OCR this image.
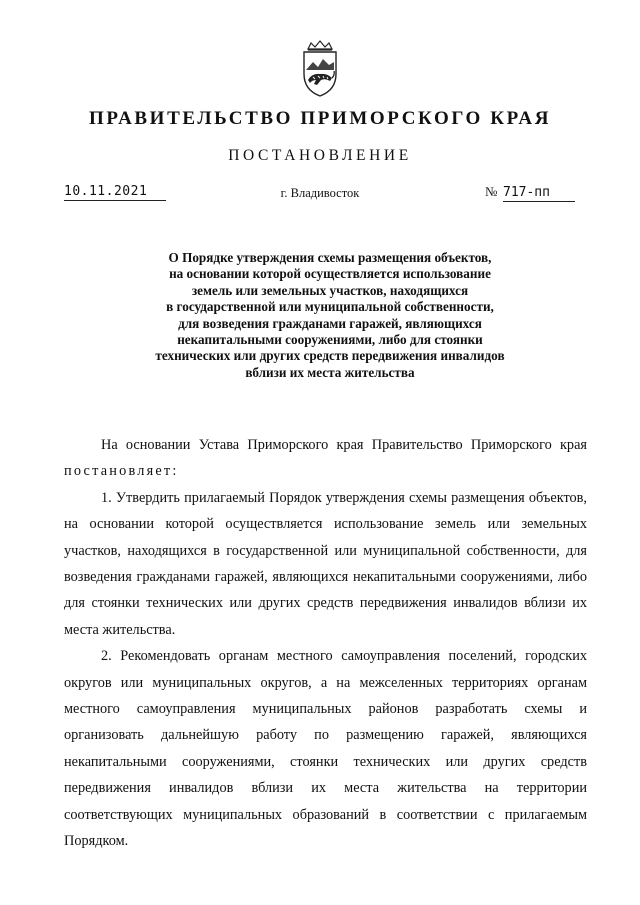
ПРАВИТЕЛЬСТВО ПРИМОРСКОГО КРАЯ
ПОСТАНОВЛЕНИЕ
10.11.2021	г. Владивосток	№ 717-пп
О Порядке утверждения схемы размещения объектов,
на основании которой осуществляется использование
земель или земельных участков, находящихся
в государственной или муниципальной собственности,
для возведения гражданами гаражей, являющихся
некапитальными сооружениями, либо для стоянки
технических или других средств передвижения инвалидов
вблизи их места жительства

На основании Устава Приморского края Правительство Приморского края постановляет:

1. Утвердить прилагаемый Порядок утверждения схемы размещения объектов, на основании которой осуществляется использование земель или земельных участков, находящихся в государственной или муниципальной собственности, для возведения гражданами гаражей, являющихся некапитальными сооружениями, либо для стоянки технических или других средств передвижения инвалидов вблизи их места жительства.

2. Рекомендовать органам местного самоуправления поселений, городских округов или муниципальных округов, а на межселенных территориях органам местного самоуправления муниципальных районов разработать схемы и организовать дальнейшую работу по размещению гаражей, являющихся некапитальными сооружениями, стоянки технических или других средств передвижения инвалидов вблизи их места жительства на территории соответствующих муниципальных образований в соответствии с прилагаемым Порядком.
